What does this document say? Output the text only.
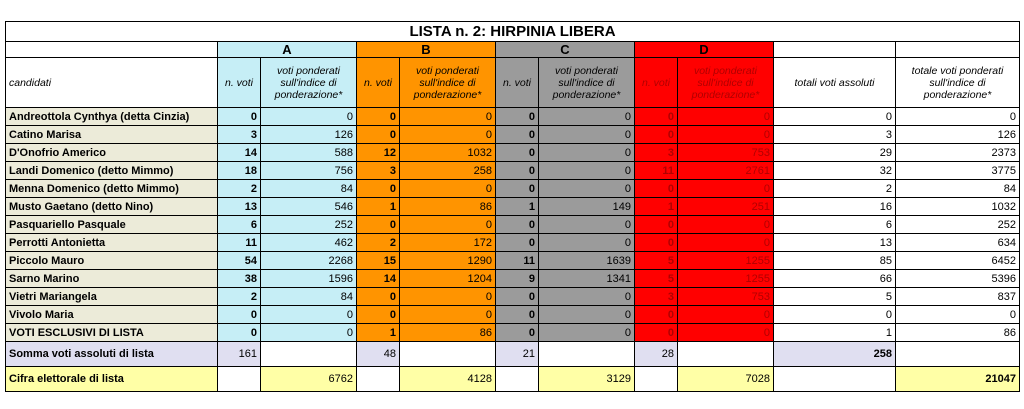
LISTA n. 2: HIRPINIA LIBERA										
	A		B		C		D			
candidati	n. voti	voti ponderati sull'indice di ponderazione*	n. voti	voti ponderati sull'indice di ponderazione*	n. voti	voti ponderati sull'indice di ponderazione*	n. voti	voti ponderati sull'indice di ponderazione*	totali voti assoluti	totale voti ponderati sull'indice di ponderazione*
Andreottola Cynthya (detta Cinzia)	0	0	0	0	0	0	0	0	0	0
Catino Marisa	3	126	0	0	0	0	0	0	3	126
D'Onofrio Americo	14	588	12	1032	0	0	3	753	29	2373
Landi Domenico (detto Mimmo)	18	756	3	258	0	0	11	2761	32	3775
Menna Domenico (detto Mimmo)	2	84	0	0	0	0	0	0	2	84
Musto Gaetano (detto Nino)	13	546	1	86	1	149	1	251	16	1032
Pasquariello Pasquale	6	252	0	0	0	0	0	0	6	252
Perrotti Antonietta	11	462	2	172	0	0	0	0	13	634
Piccolo Mauro	54	2268	15	1290	11	1639	5	1255	85	6452
Sarno Marino	38	1596	14	1204	9	1341	5	1255	66	5396
Vietri Mariangela	2	84	0	0	0	0	3	753	5	837
Vivolo Maria	0	0	0	0	0	0	0	0	0	0
VOTI ESCLUSIVI DI LISTA	0	0	1	86	0	0	0	0	1	86
Somma voti assoluti di lista	161		48		21		28		258	
Cifra elettorale di lista		6762		4128		3129		7028		21047
